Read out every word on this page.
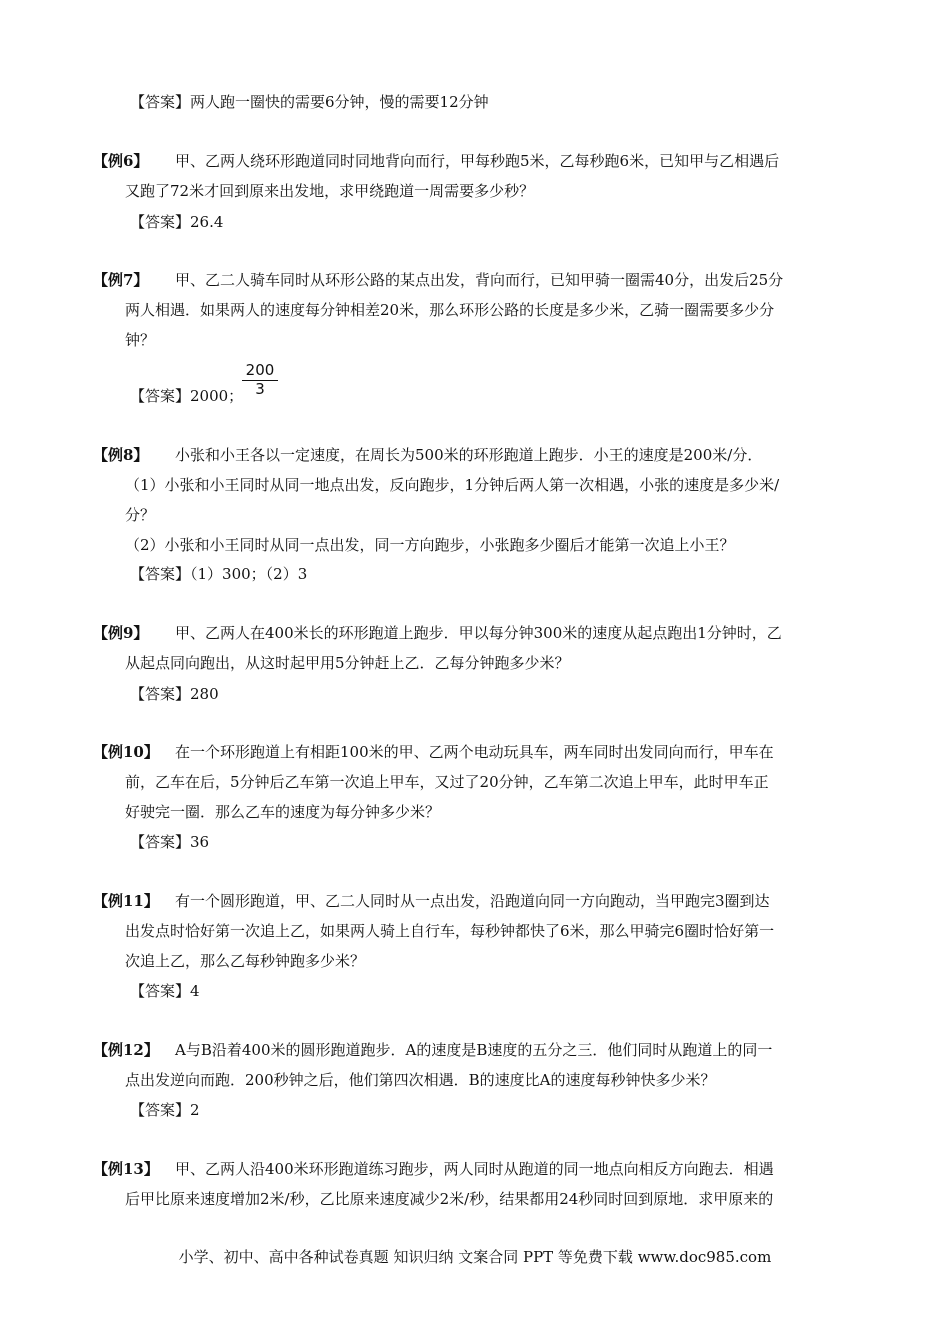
【答案】两人跑一圈快的需要6分钟，慢的需要12分钟
【例6】 甲、乙两人绕环形跑道同时同地背向而行，甲每秒跑5米，乙每秒跑6米，已知甲与乙相遇后
又跑了72米才回到原来出发地，求甲绕跑道一周需要多少秒？
【答案】26.4
【例7】 甲、乙二人骑车同时从环形公路的某点出发，背向而行，已知甲骑一圈需40分，出发后25分
两人相遇．如果两人的速度每分钟相差20米，那么环形公路的长度是多少米，乙骑一圈需要多少分
钟？
【答案】2000；
$\frac{200}{3}$
【例8】 小张和小王各以一定速度，在周长为500米的环形跑道上跑步．小王的速度是200米/分．
（1）小张和小王同时从同一地点出发，反向跑步，1分钟后两人第一次相遇，小张的速度是多少米/
分？
（2）小张和小王同时从同一点出发，同一方向跑步，小张跑多少圈后才能第一次追上小王？
【答案】（1）300；（2）3
【例9】 甲、乙两人在400米长的环形跑道上跑步．甲以每分钟300米的速度从起点跑出1分钟时，乙
从起点同向跑出，从这时起甲用5分钟赶上乙．乙每分钟跑多少米？
【答案】280
【例10】 在一个环形跑道上有相距100米的甲、乙两个电动玩具车，两车同时出发同向而行，甲车在
前，乙车在后，5分钟后乙车第一次追上甲车，又过了20分钟，乙车第二次追上甲车，此时甲车正
好驶完一圈．那么乙车的速度为每分钟多少米？
【答案】36
【例11】 有一个圆形跑道，甲、乙二人同时从一点出发，沿跑道向同一方向跑动，当甲跑完3圈到达
出发点时恰好第一次追上乙，如果两人骑上自行车，每秒钟都快了6米，那么甲骑完6圈时恰好第一
次追上乙，那么乙每秒钟跑多少米？
【答案】4
【例12】 A与B沿着400米的圆形跑道跑步．A的速度是B速度的五分之三．他们同时从跑道上的同一
点出发逆向而跑．200秒钟之后，他们第四次相遇．B的速度比A的速度每秒钟快多少米？
【答案】2
【例13】 甲、乙两人沿400米环形跑道练习跑步，两人同时从跑道的同一地点向相反方向跑去．相遇
后甲比原来速度增加2米/秒，乙比原来速度减少2米/秒，结果都用24秒同时回到原地．求甲原来的
小学、初中、高中各种试卷真题 知识归纳 文案合同 PPT 等免费下载 www.doc985.com
